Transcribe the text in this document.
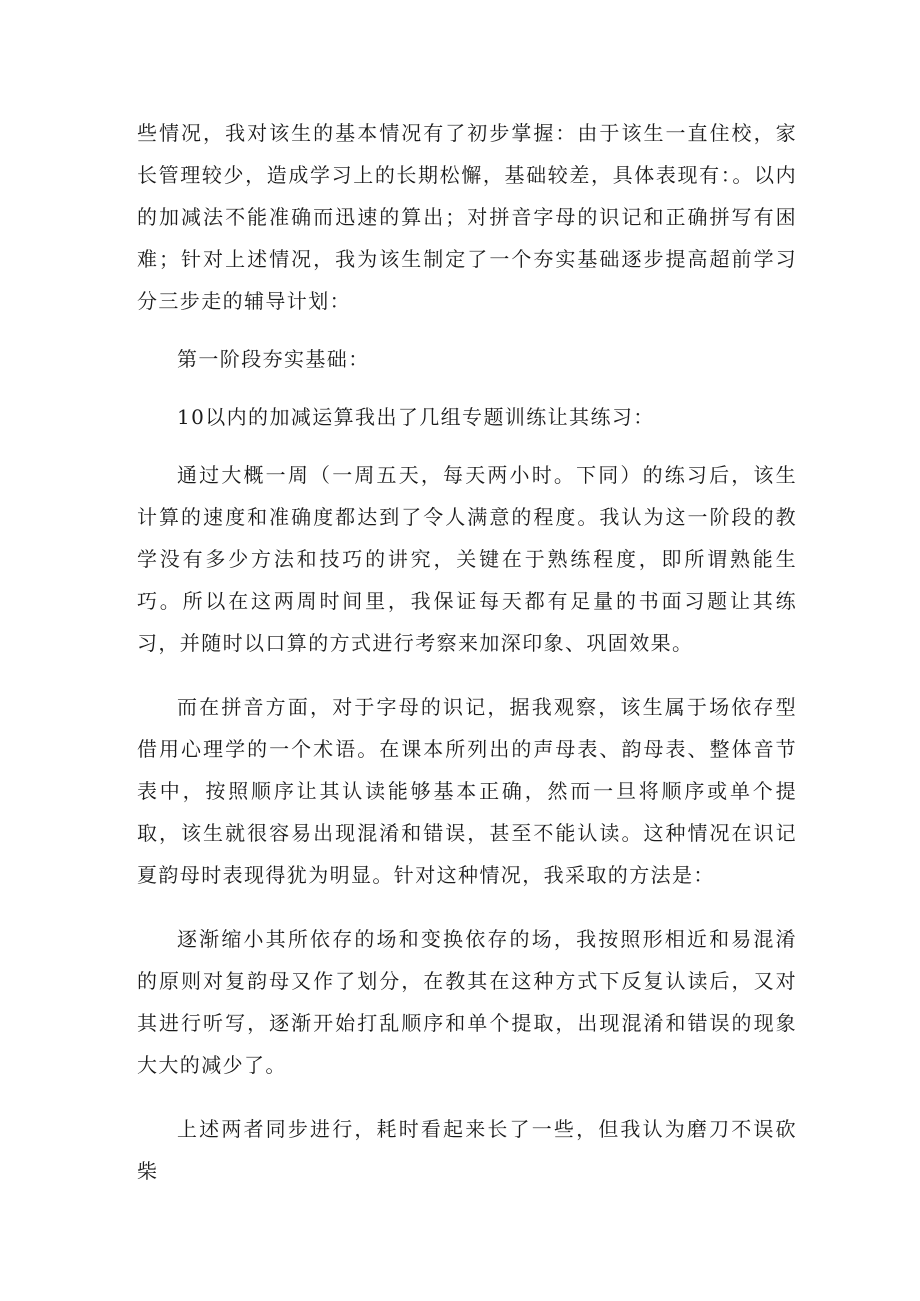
些情况，我对该生的基本情况有了初步掌握：由于该生一直住校，家长管理较少，造成学习上的长期松懈，基础较差，具体表现有：。以内的加减法不能准确而迅速的算出；对拼音字母的识记和正确拼写有困难；针对上述情况，我为该生制定了一个夯实基础逐步提高超前学习分三步走的辅导计划：

第一阶段夯实基础：

10以内的加减运算我出了几组专题训练让其练习：

通过大概一周（一周五天，每天两小时。下同）的练习后，该生计算的速度和准确度都达到了令人满意的程度。我认为这一阶段的教学没有多少方法和技巧的讲究，关键在于熟练程度，即所谓熟能生巧。所以在这两周时间里，我保证每天都有足量的书面习题让其练习，并随时以口算的方式进行考察来加深印象、巩固效果。

而在拼音方面，对于字母的识记，据我观察，该生属于场依存型借用心理学的一个术语。在课本所列出的声母表、韵母表、整体音节表中，按照顺序让其认读能够基本正确，然而一旦将顺序或单个提取，该生就很容易出现混淆和错误，甚至不能认读。这种情况在识记夏韵母时表现得犹为明显。针对这种情况，我采取的方法是：

逐渐缩小其所依存的场和变换依存的场，我按照形相近和易混淆的原则对复韵母又作了划分，在教其在这种方式下反复认读后，又对其进行听写，逐渐开始打乱顺序和单个提取，出现混淆和错误的现象大大的减少了。

上述两者同步进行，耗时看起来长了一些，但我认为磨刀不误砍柴
